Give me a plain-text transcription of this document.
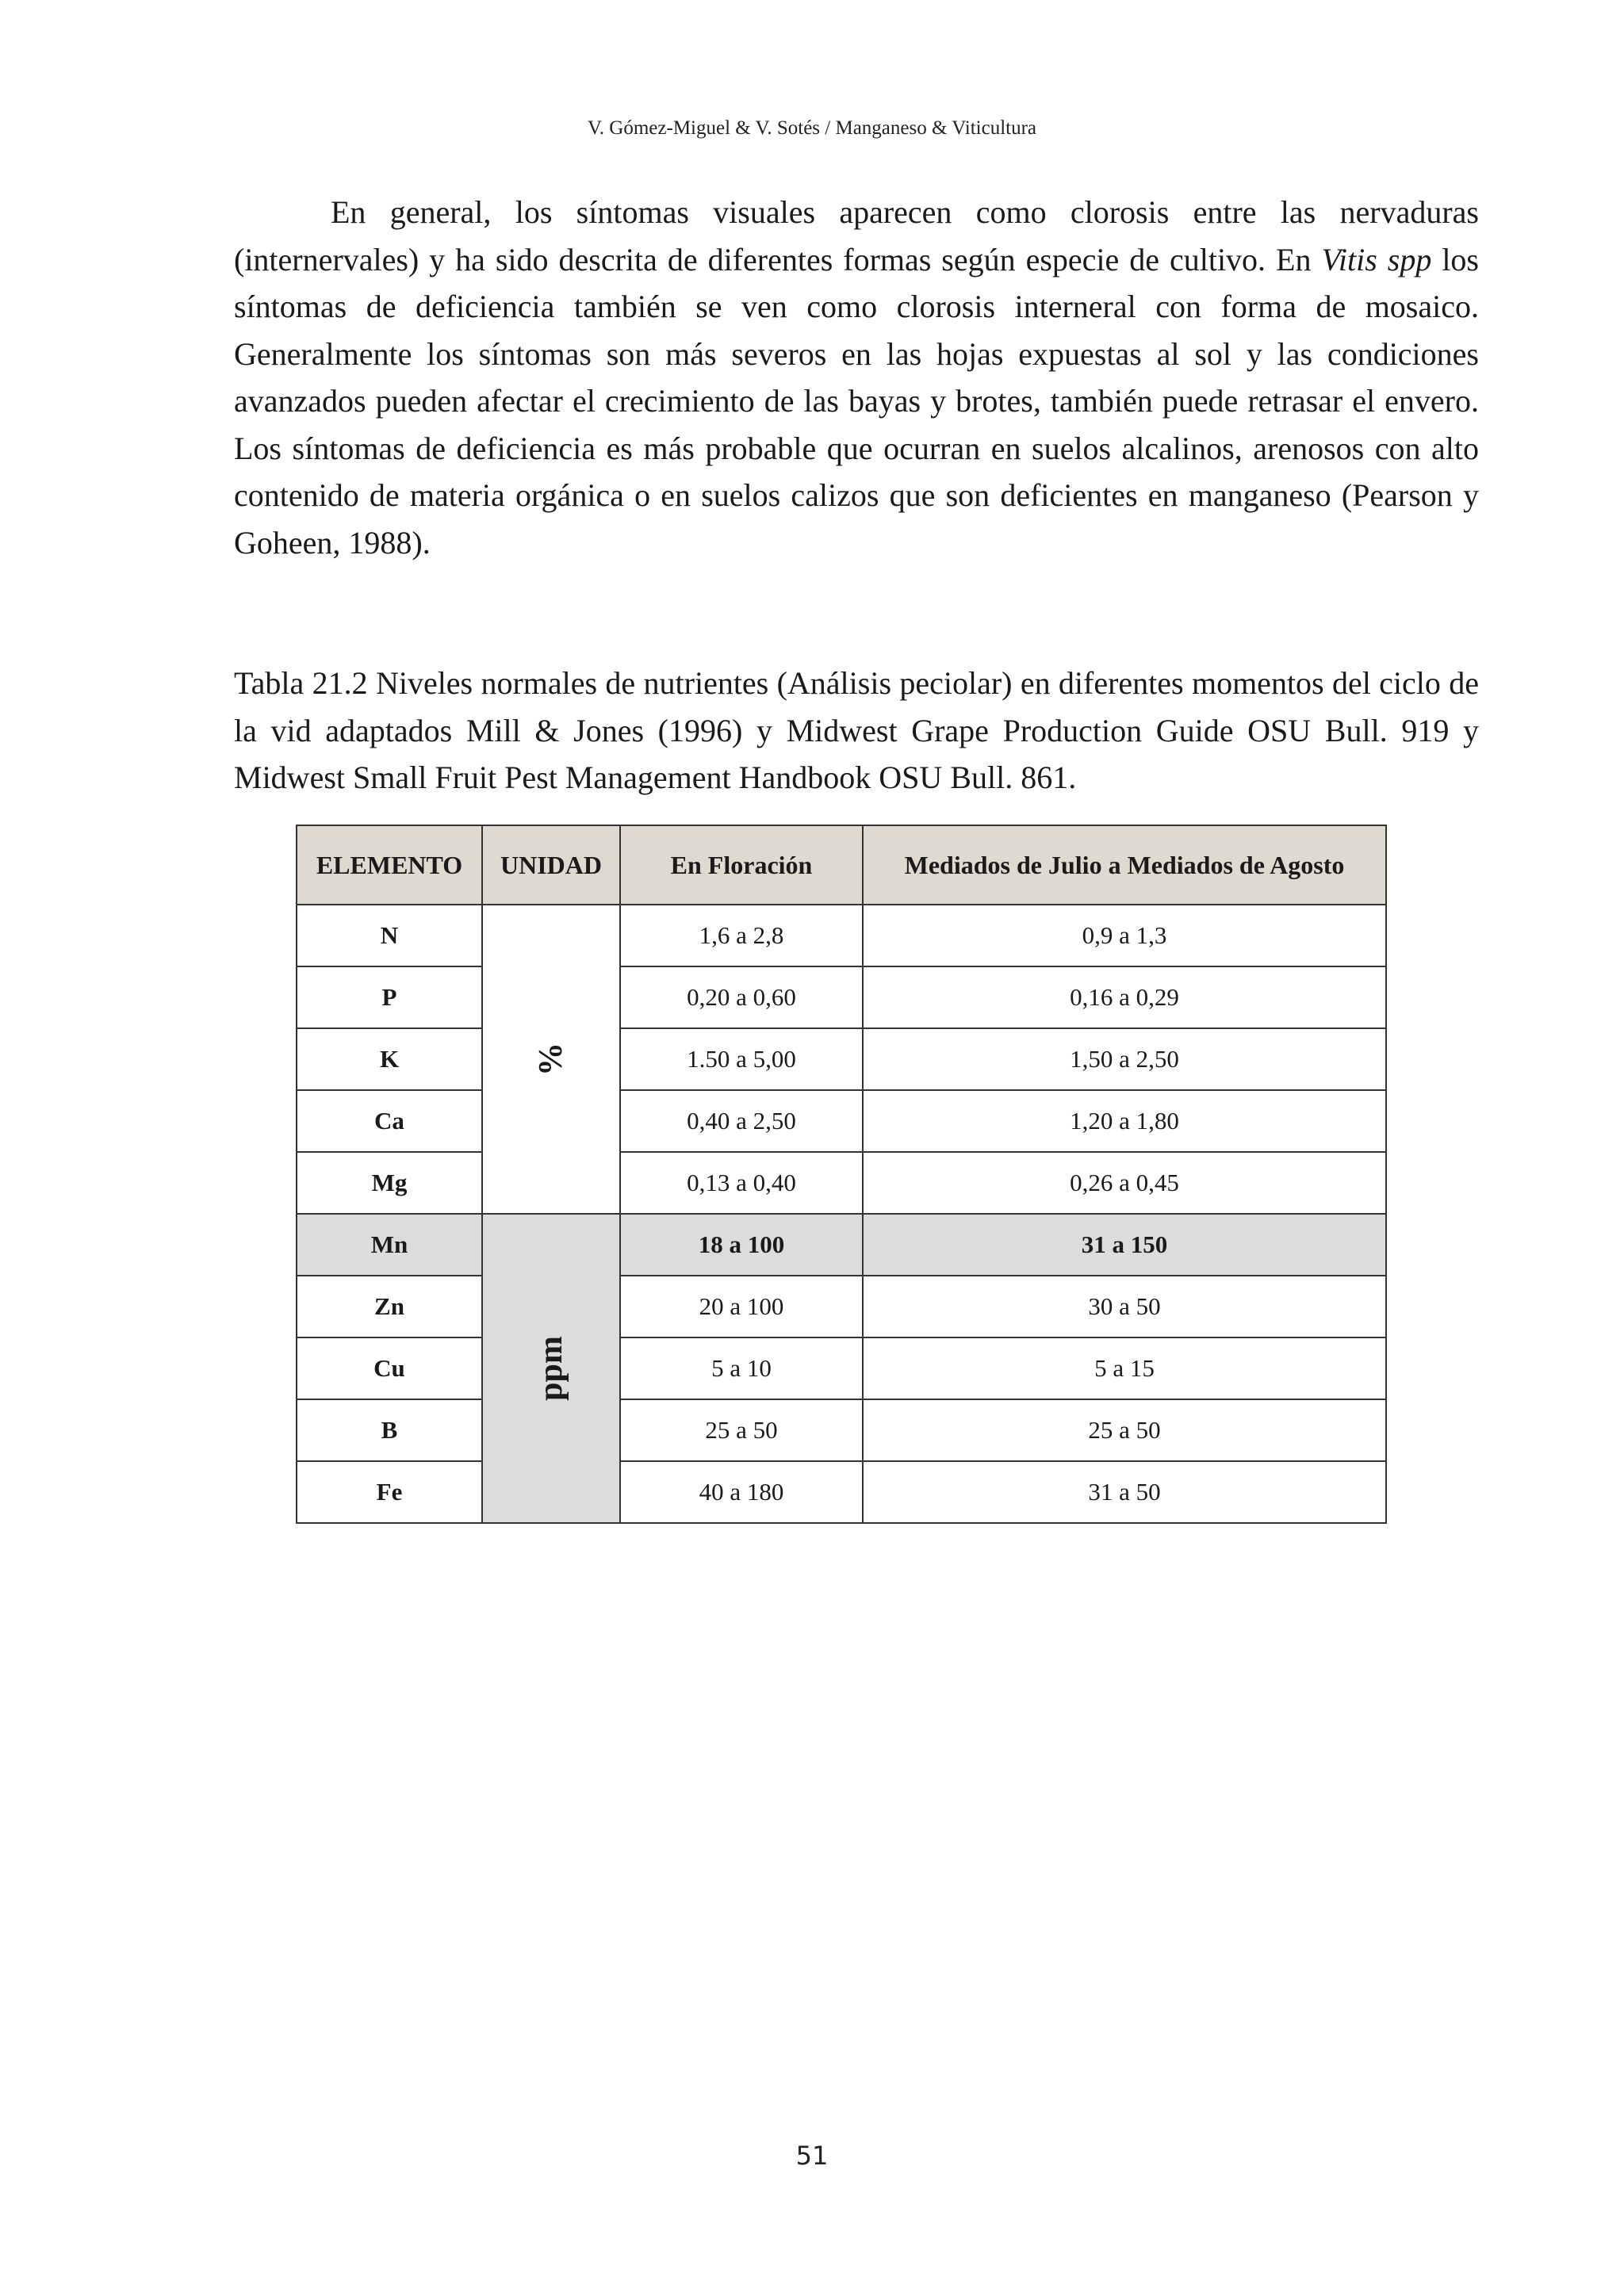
V. Gómez-Miguel & V. Sotés / Manganeso & Viticultura

En general, los síntomas visuales aparecen como clorosis entre las nervaduras (internervales) y ha sido descrita de diferentes formas según especie de cultivo. En Vitis spp los síntomas de deficiencia también se ven como clorosis interneral con forma de mosaico. Generalmente los síntomas son más severos en las hojas expuestas al sol y las condiciones avanzados pueden afectar el crecimiento de las bayas y brotes, también puede retrasar el envero. Los síntomas de deficiencia es más probable que ocurran en suelos alcalinos, arenosos con alto contenido de materia orgánica o en suelos calizos que son deficientes en manganeso (Pearson y Goheen, 1988).

Tabla 21.2 Niveles normales de nutrientes (Análisis peciolar) en diferentes momentos del ciclo de la vid adaptados Mill & Jones (1996) y Midwest Grape Production Guide OSU Bull. 919 y Midwest Small Fruit Pest Management Handbook OSU Bull. 861.

ELEMENTO	UNIDAD	En Floración	Mediados de Julio a Mediados de Agosto
N	%	1,6 a 2,8	0,9 a 1,3
P		0,20 a 0,60	0,16 a 0,29
K		1.50 a 5,00	1,50 a 2,50
Ca		0,40 a 2,50	1,20 a 1,80
Mg		0,13 a 0,40	0,26 a 0,45
Mn	ppm	18 a 100	31 a 150
Zn		20 a 100	30 a 50
Cu		5 a 10	5 a 15
B		25 a 50	25 a 50
Fe		40 a 180	31 a 50
51
